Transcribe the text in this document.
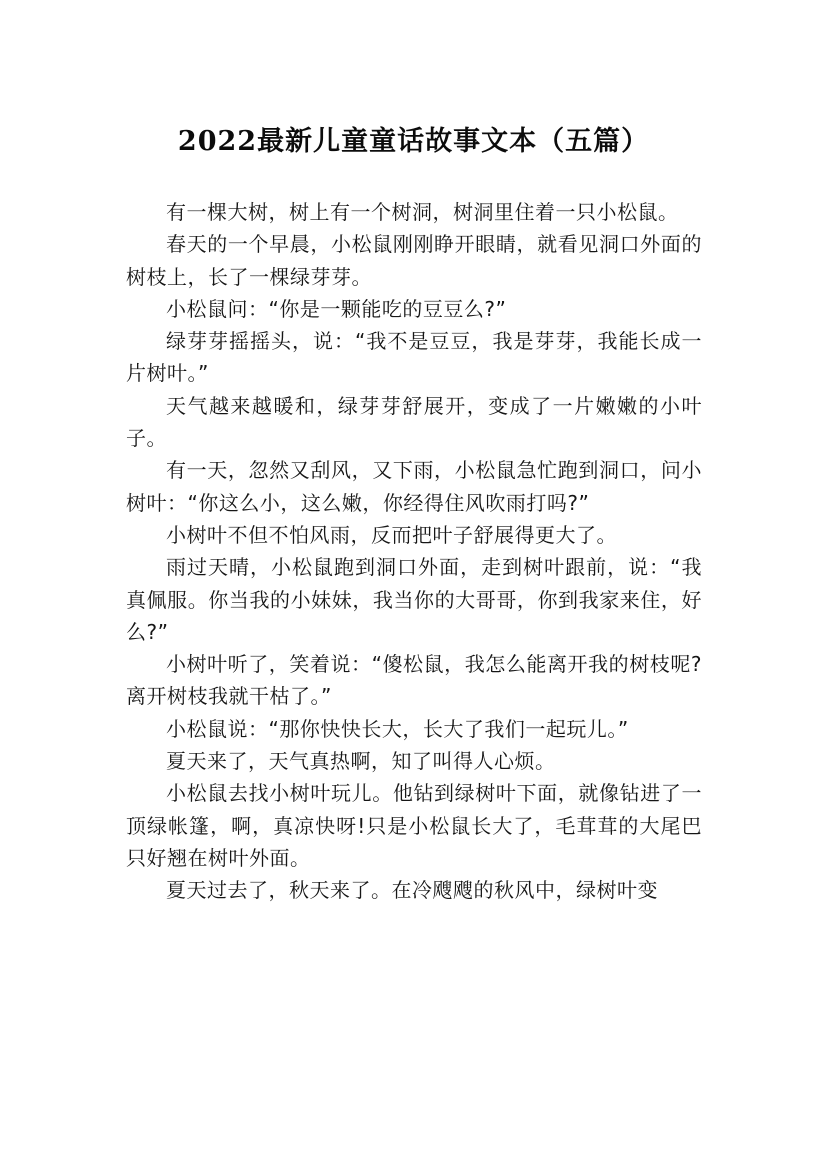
2022最新儿童童话故事文本（五篇）

有一棵大树，树上有一个树洞，树洞里住着一只小松鼠。

春天的一个早晨，小松鼠刚刚睁开眼睛，就看见洞口外面的树枝上，长了一棵绿芽芽。

小松鼠问：“你是一颗能吃的豆豆么?”

绿芽芽摇摇头，说：“我不是豆豆，我是芽芽，我能长成一片树叶。”

天气越来越暖和，绿芽芽舒展开，变成了一片嫩嫩的小叶子。

有一天，忽然又刮风，又下雨，小松鼠急忙跑到洞口，问小树叶：“你这么小，这么嫩，你经得住风吹雨打吗?”

小树叶不但不怕风雨，反而把叶子舒展得更大了。

雨过天晴，小松鼠跑到洞口外面，走到树叶跟前，说：“我真佩服。你当我的小妹妹，我当你的大哥哥，你到我家来住，好么?”

小树叶听了，笑着说：“傻松鼠，我怎么能离开我的树枝呢?离开树枝我就干枯了。”

小松鼠说：“那你快快长大，长大了我们一起玩儿。”

夏天来了，天气真热啊，知了叫得人心烦。

小松鼠去找小树叶玩儿。他钻到绿树叶下面，就像钻进了一顶绿帐篷，啊，真凉快呀!只是小松鼠长大了，毛茸茸的大尾巴只好翘在树叶外面。

夏天过去了，秋天来了。在冷飕飕的秋风中，绿树叶变
